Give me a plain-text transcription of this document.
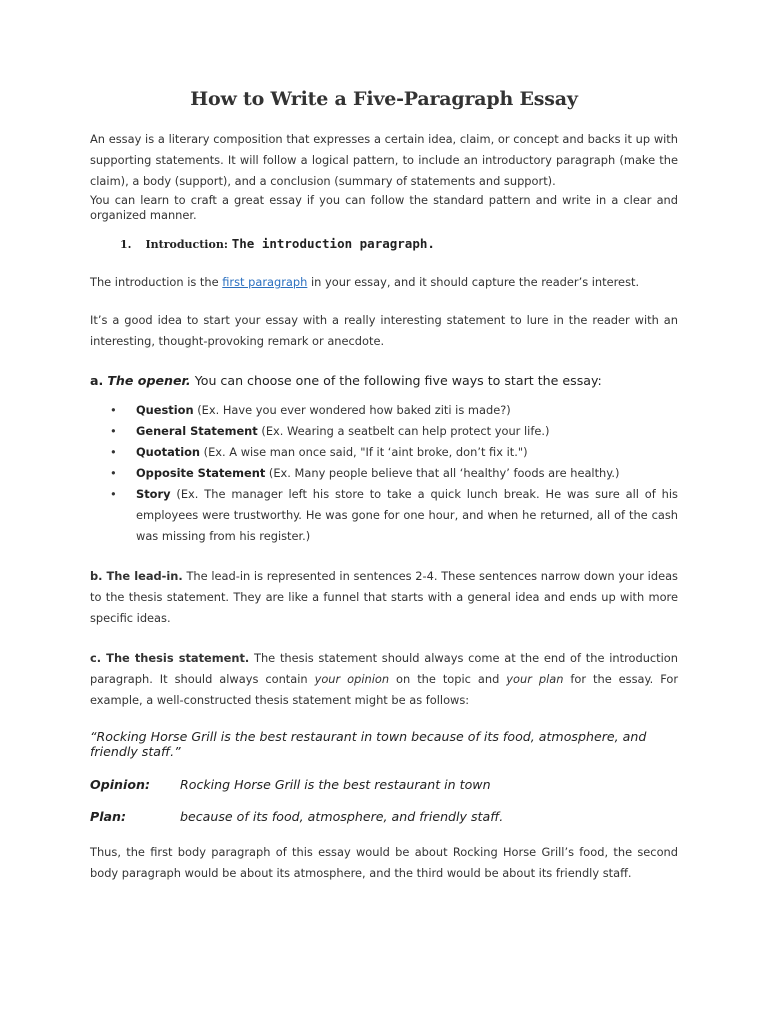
How to Write a Five-Paragraph Essay

An essay is a literary composition that expresses a certain idea, claim, or concept and backs it up with supporting statements. It will follow a logical pattern, to include an introductory paragraph (make the claim), a body (support), and a conclusion (summary of statements and support).

You can learn to craft a great essay if you can follow the standard pattern and write in a clear and organized manner.

1. Introduction: The introduction paragraph.

The introduction is the first paragraph in your essay, and it should capture the reader’s interest.

It’s a good idea to start your essay with a really interesting statement to lure in the reader with an interesting, thought-provoking remark or anecdote.

a. The opener. You can choose one of the following five ways to start the essay:
• Question (Ex. Have you ever wondered how baked ziti is made?)
• General Statement (Ex. Wearing a seatbelt can help protect your life.)
• Quotation (Ex. A wise man once said, "If it ‘aint broke, don’t fix it.")
• Opposite Statement (Ex. Many people believe that all ‘healthy’ foods are healthy.)
• Story (Ex. The manager left his store to take a quick lunch break. He was sure all of his employees were trustworthy. He was gone for one hour, and when he returned, all of the cash was missing from his register.)

b. The lead-in. The lead-in is represented in sentences 2-4. These sentences narrow down your ideas to the thesis statement. They are like a funnel that starts with a general idea and ends up with more specific ideas.

c. The thesis statement. The thesis statement should always come at the end of the introduction paragraph. It should always contain your opinion on the topic and your plan for the essay. For example, a well-constructed thesis statement might be as follows:

“Rocking Horse Grill is the best restaurant in town because of its food, atmosphere, and friendly staff.”

Opinion: Rocking Horse Grill is the best restaurant in town
Plan:	because of its food, atmosphere, and friendly staff.

Thus, the first body paragraph of this essay would be about Rocking Horse Grill’s food, the second body paragraph would be about its atmosphere, and the third would be about its friendly staff.
